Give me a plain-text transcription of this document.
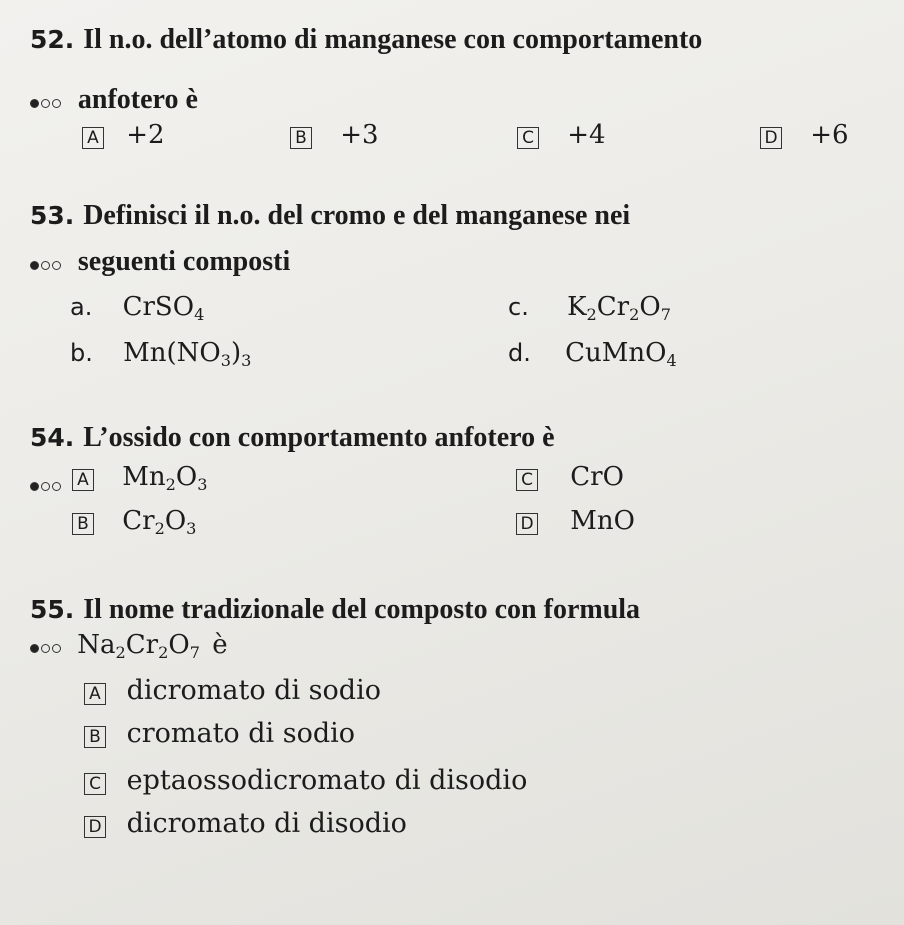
52. Il n.o. dell’atomo di manganese con comportamento
anfotero è
A +2	B +3	C +4	D +6
53. Definisci il n.o. del cromo e del manganese nei
seguenti composti
a. CrSO$_4$
b. $Mn(NO_3)_3$
c. $K_2Cr_2O_7$
d. CuMnO$_4$
54. L’ossido con comportamento anfotero è
A $Mn_2O_3$
B $Cr_2O_3$
C CrO
D MnO
55. Il nome tradizionale del composto con formula
$Na_2Cr_2O_7$ è
A dicromato di sodio
B cromato di sodio
C eptaossodicromato di disodio
D dicromato di disodio
